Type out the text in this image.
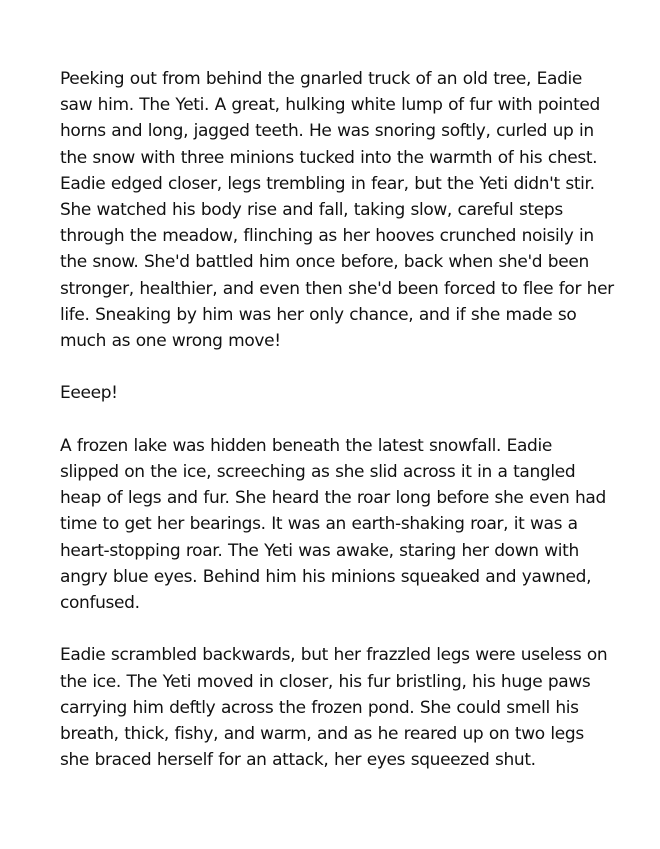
Peeking out from behind the gnarled truck of an old tree, Eadie saw him. The Yeti. A great, hulking white lump of fur with pointed horns and long, jagged teeth. He was snoring softly, curled up in the snow with three minions tucked into the warmth of his chest. Eadie edged closer, legs trembling in fear, but the Yeti didn't stir. She watched his body rise and fall, taking slow, careful steps through the meadow, flinching as her hooves crunched noisily in the snow. She'd battled him once before, back when she'd been stronger, healthier, and even then she'd been forced to flee for her life. Sneaking by him was her only chance, and if she made so much as one wrong move!

Eeeep!

A frozen lake was hidden beneath the latest snowfall. Eadie slipped on the ice, screeching as she slid across it in a tangled heap of legs and fur. She heard the roar long before she even had time to get her bearings. It was an earth-shaking roar, it was a heart-stopping roar. The Yeti was awake, staring her down with angry blue eyes. Behind him his minions squeaked and yawned, confused.

Eadie scrambled backwards, but her frazzled legs were useless on the ice. The Yeti moved in closer, his fur bristling, his huge paws carrying him deftly across the frozen pond. She could smell his breath, thick, fishy, and warm, and as he reared up on two legs she braced herself for an attack, her eyes squeezed shut.
